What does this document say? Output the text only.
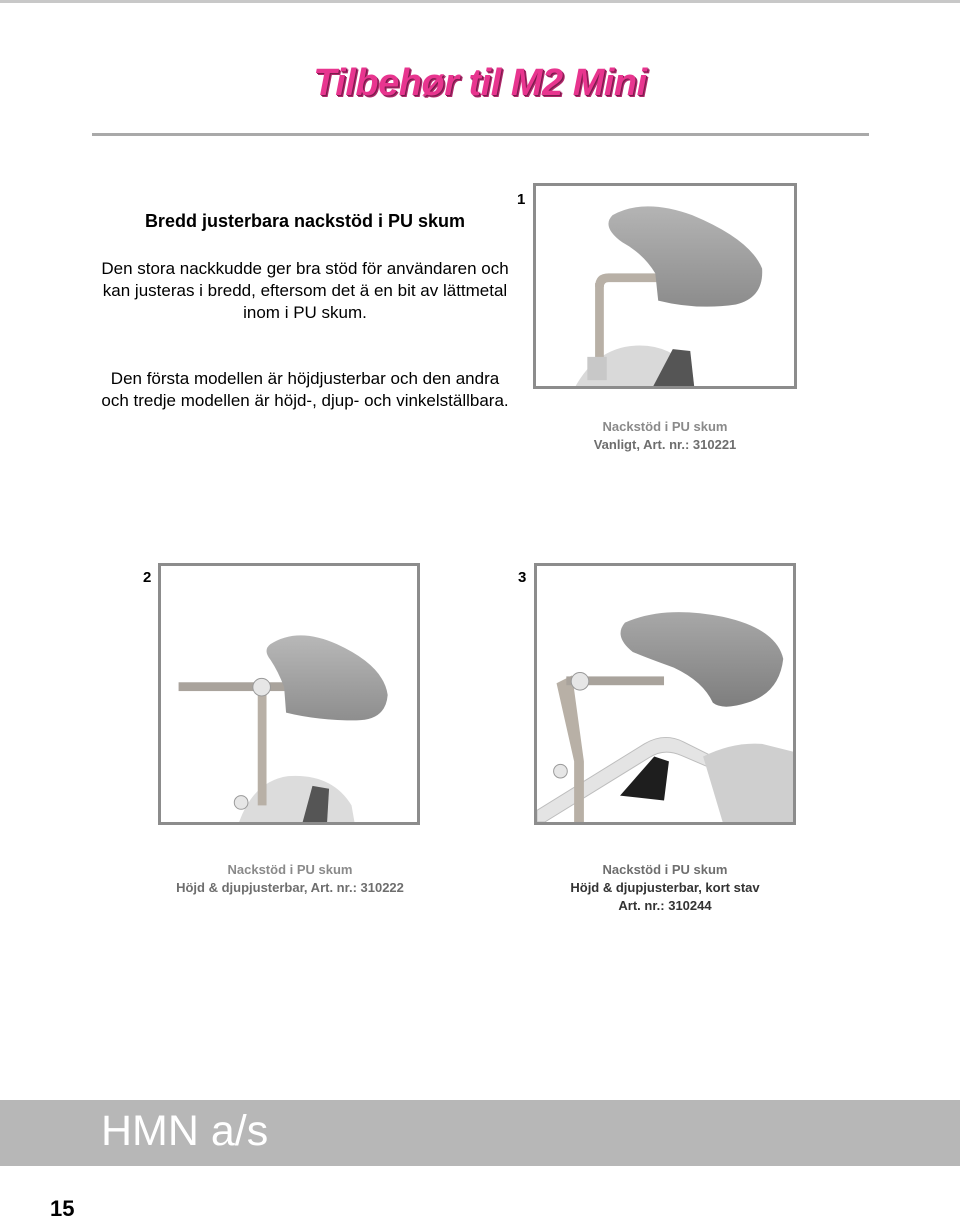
Tilbehør til M2 Mini
Bredd justerbara nackstöd i PU skum
Den stora nackkudde ger bra stöd för användaren och kan justeras i bredd, eftersom det ä en bit av lättmetal inom i PU skum.
Den första modellen är höjdjusterbar och den andra och tredje modellen är höjd-, djup- och vinkelställbara.
1
Nackstöd i PU skum
Vanligt, Art. nr.: 310221
2
Nackstöd i PU skum
Höjd & djupjusterbar, Art. nr.: 310222
3
Nackstöd i PU skum
Höjd & djupjusterbar, kort stav
Art. nr.: 310244
HMN a/s
15
